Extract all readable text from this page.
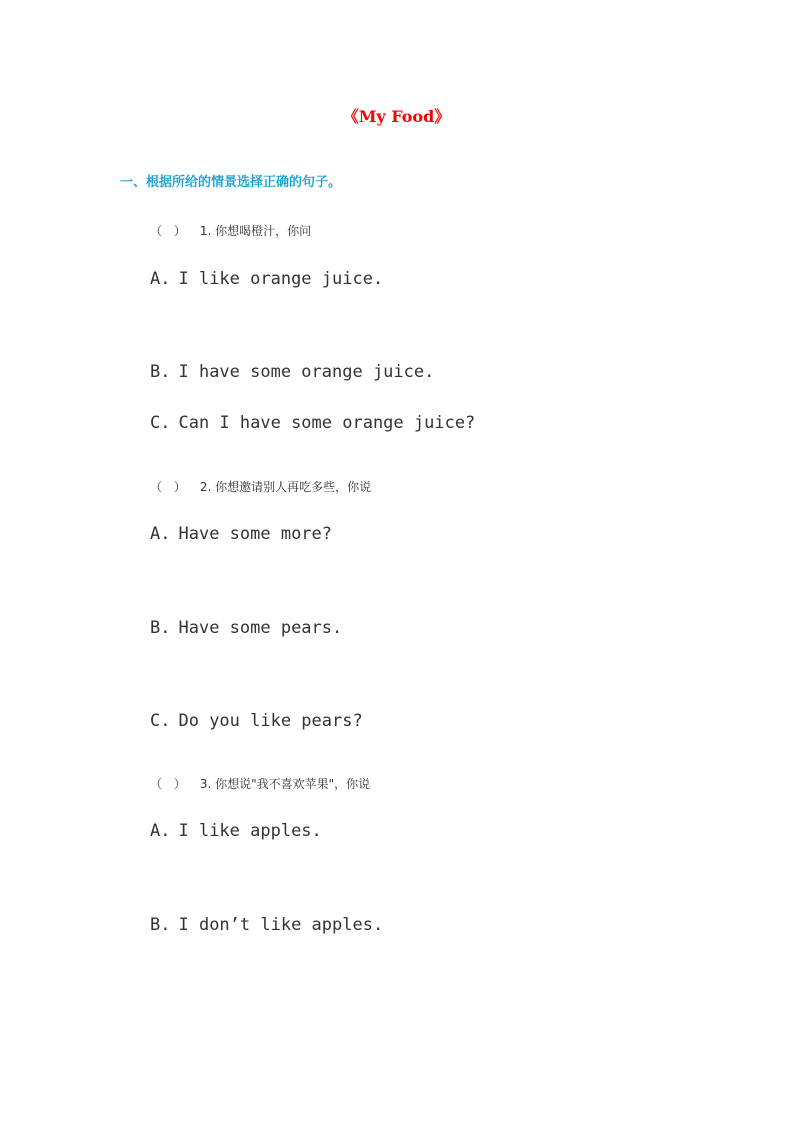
《My Food》
一、根据所给的情景选择正确的句子。
（ ） 1. 你想喝橙汁，你问
A. I like orange juice.
B. I have some orange juice.
C. Can I have some orange juice?
（ ） 2. 你想邀请别人再吃多些，你说
A. Have some more?
B. Have some pears.
C. Do you like pears?
（ ） 3. 你想说"我不喜欢苹果"，你说
A. I like apples.
B. I don’t like apples.
